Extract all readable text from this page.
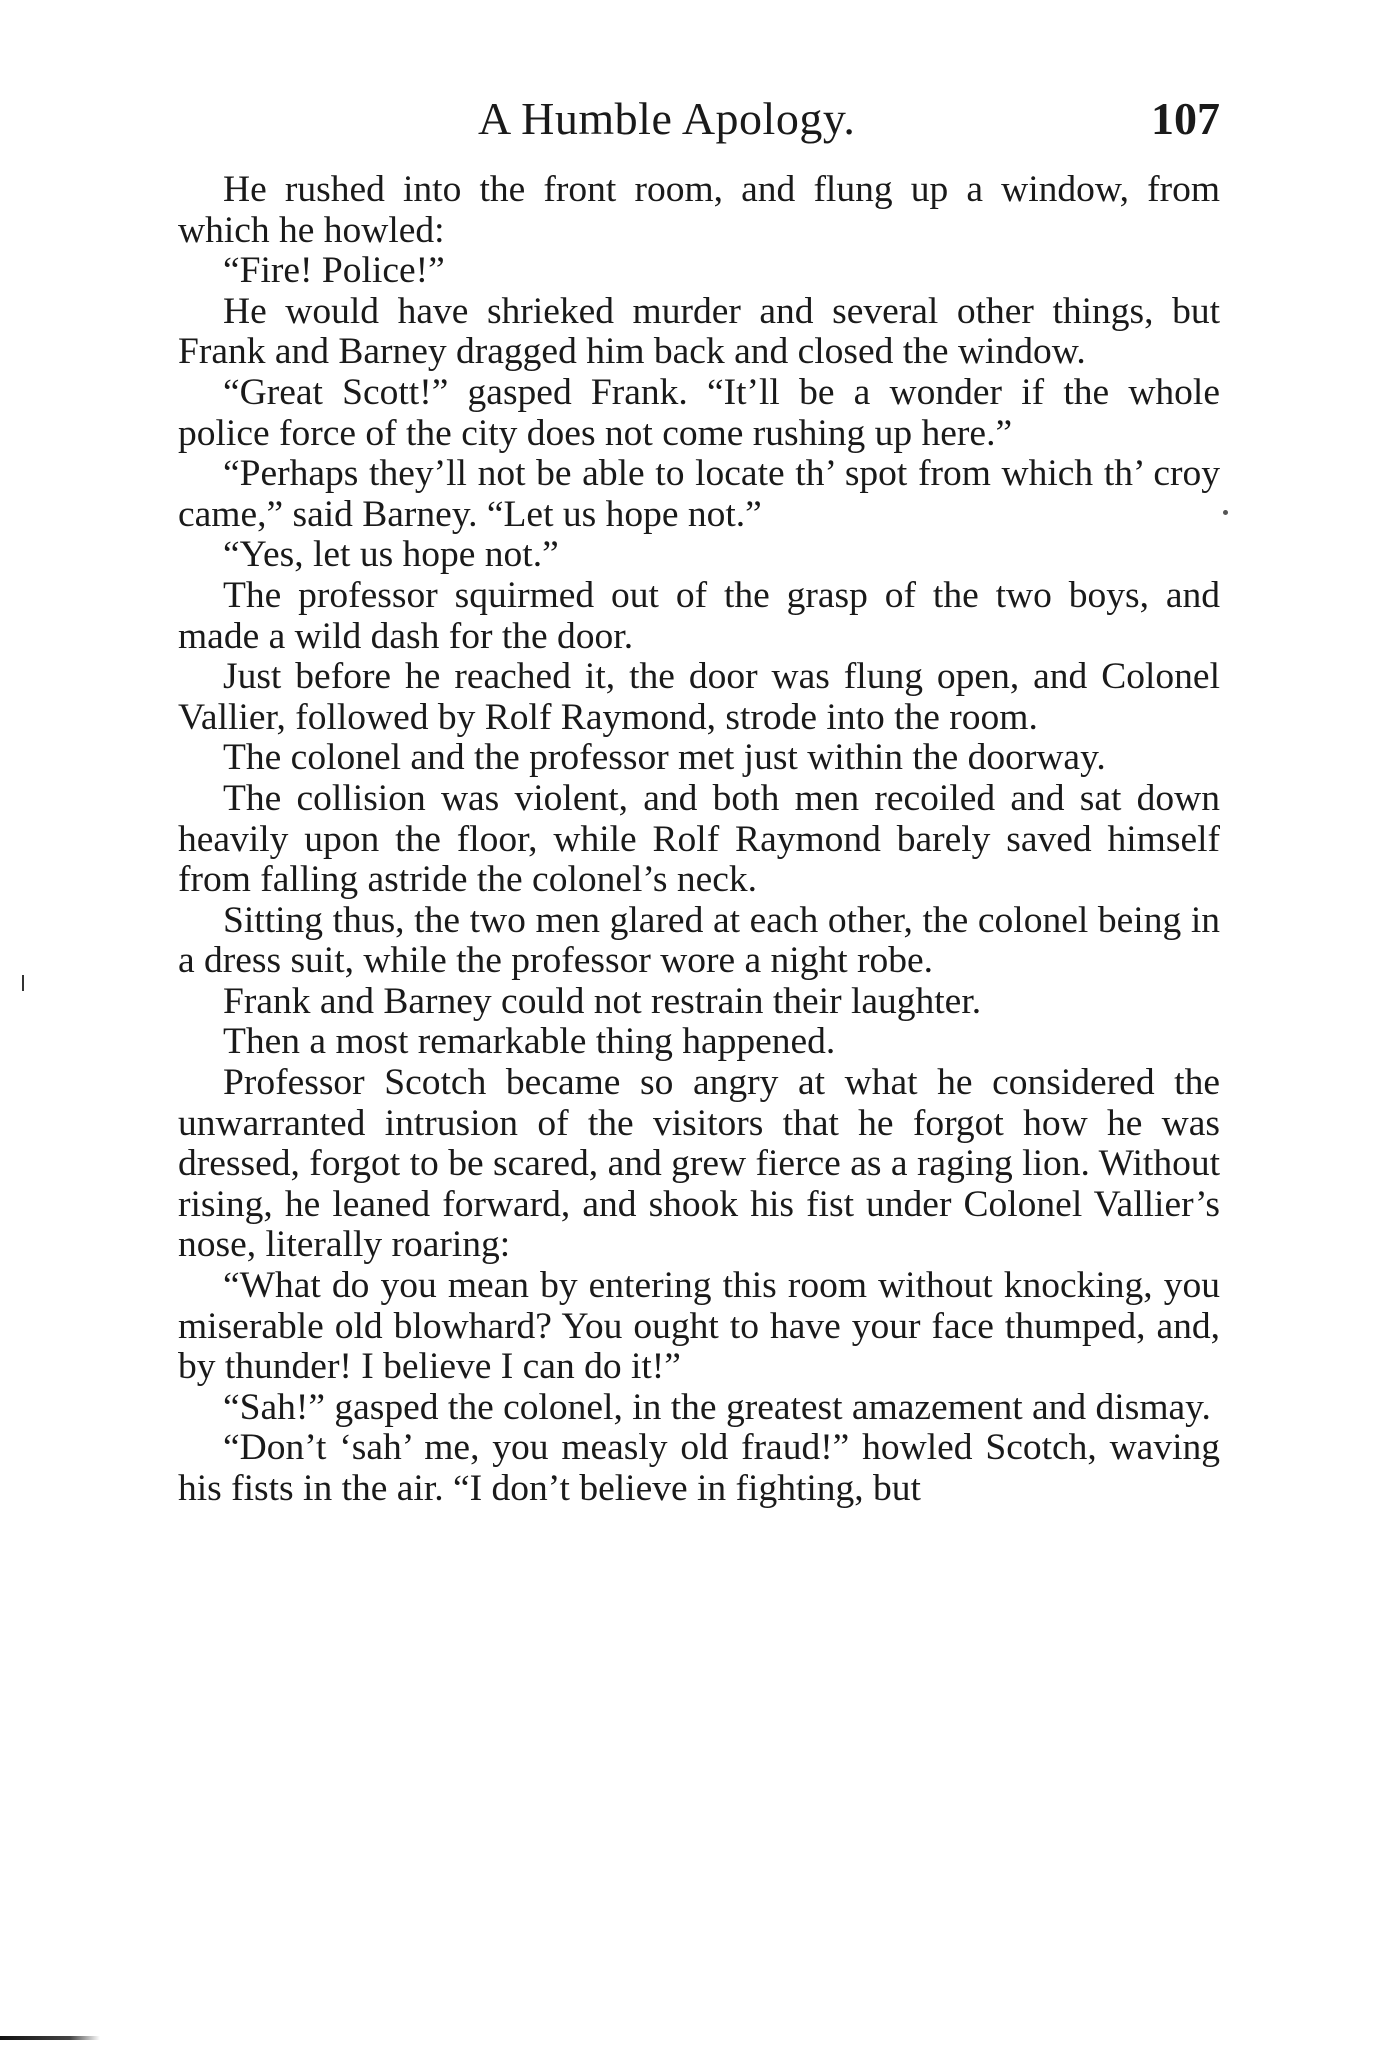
A Humble Apology.	107

He rushed into the front room, and flung up a window, from which he howled:

“Fire! Police!”

He would have shrieked murder and several other things, but Frank and Barney dragged him back and closed the window.

“Great Scott!” gasped Frank. “It’ll be a wonder if the whole police force of the city does not come rushing up here.”

“Perhaps they’ll not be able to locate th’ spot from which th’ croy came,” said Barney. “Let us hope not.”

“Yes, let us hope not.”

The professor squirmed out of the grasp of the two boys, and made a wild dash for the door.

Just before he reached it, the door was flung open, and Colonel Vallier, followed by Rolf Raymond, strode into the room.

The colonel and the professor met just within the doorway.

The collision was violent, and both men recoiled and sat down heavily upon the floor, while Rolf Raymond barely saved himself from falling astride the colonel’s neck.

Sitting thus, the two men glared at each other, the colonel being in a dress suit, while the professor wore a night robe.

Frank and Barney could not restrain their laughter.

Then a most remarkable thing happened.

Professor Scotch became so angry at what he considered the unwarranted intrusion of the visitors that he forgot how he was dressed, forgot to be scared, and grew fierce as a raging lion. Without rising, he leaned forward, and shook his fist under Colonel Vallier’s nose, literally roaring:

“What do you mean by entering this room without knocking, you miserable old blowhard? You ought to have your face thumped, and, by thunder! I believe I can do it!”

“Sah!” gasped the colonel, in the greatest amazement and dismay.

“Don’t ‘sah’ me, you measly old fraud!” howled Scotch, waving his fists in the air. “I don’t believe in fighting, but
